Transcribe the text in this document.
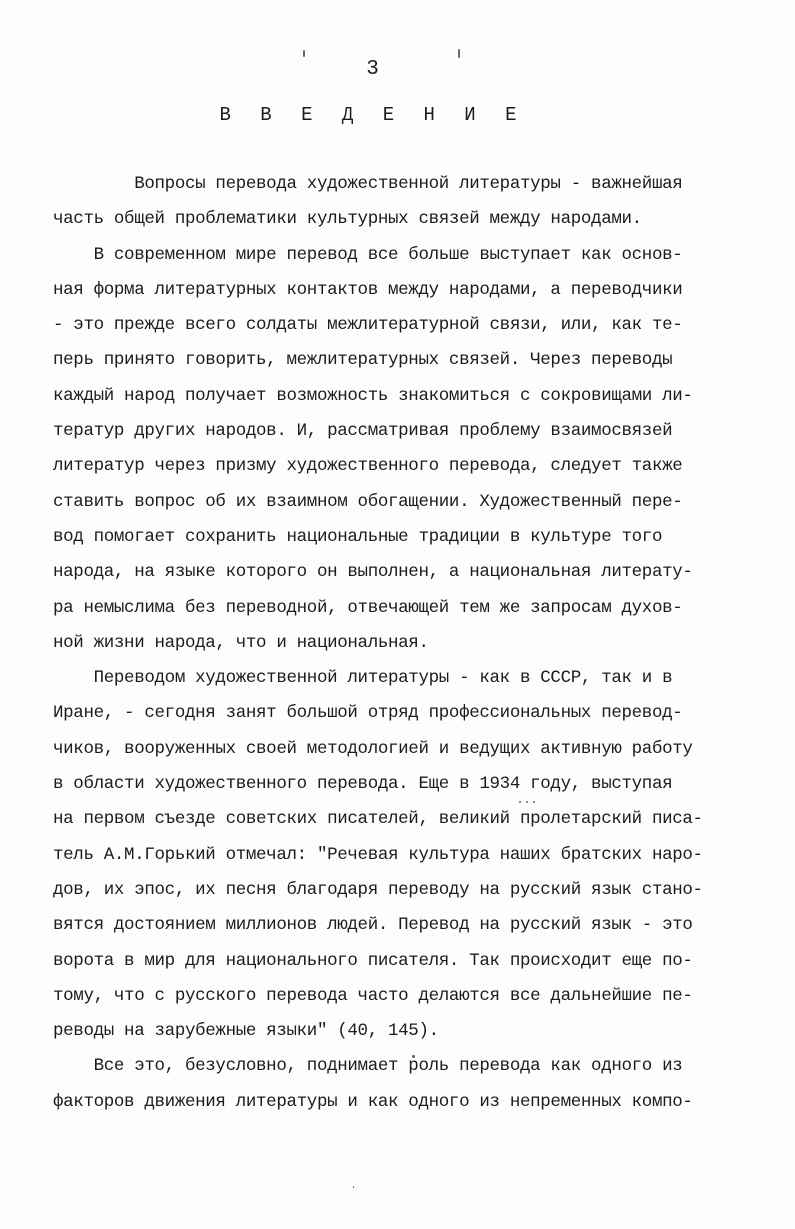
3
В В Е Д Е Н И Е
Вопросы перевода художественной литературы - важнейшая
часть общей проблематики культурных связей между народами.
В современном мире перевод все больше выступает как основ-
ная форма литературных контактов между народами, а переводчики
- это прежде всего солдаты межлитературной связи, или, как те-
перь принято говорить, межлитературных связей. Через переводы
каждый народ получает возможность знакомиться с сокровищами ли-
тератур других народов. И, рассматривая проблему взаимосвязей
литератур через призму художественного перевода, следует также
ставить вопрос об их взаимном обогащении. Художественный пере-
вод помогает сохранить национальные традиции в культуре того
народа, на языке которого он выполнен, а национальная литерату-
ра немыслима без переводной, отвечающей тем же запросам духов-
ной жизни народа, что и национальная.
Переводом художественной литературы - как в СССР, так и в
Иране, - сегодня занят большой отряд профессиональных перевод-
чиков, вооруженных своей методологией и ведущих активную работу
в области художественного перевода. Еще в 1934 году, выступая
на первом съезде советских писателей, великий пролетарский писа-
тель А.М.Горький отмечал: "Речевая культура наших братских наро-
дов, их эпос, их песня благодаря переводу на русский язык стано-
вятся достоянием миллионов людей. Перевод на русский язык - это
ворота в мир для национального писателя. Так происходит еще по-
тому, что с русского перевода часто делаются все дальнейшие пе-
реводы на зарубежные языки" (40, 145).
Все это, безусловно, поднимает роль перевода как одного из
факторов движения литературы и как одного из непременных компо-
